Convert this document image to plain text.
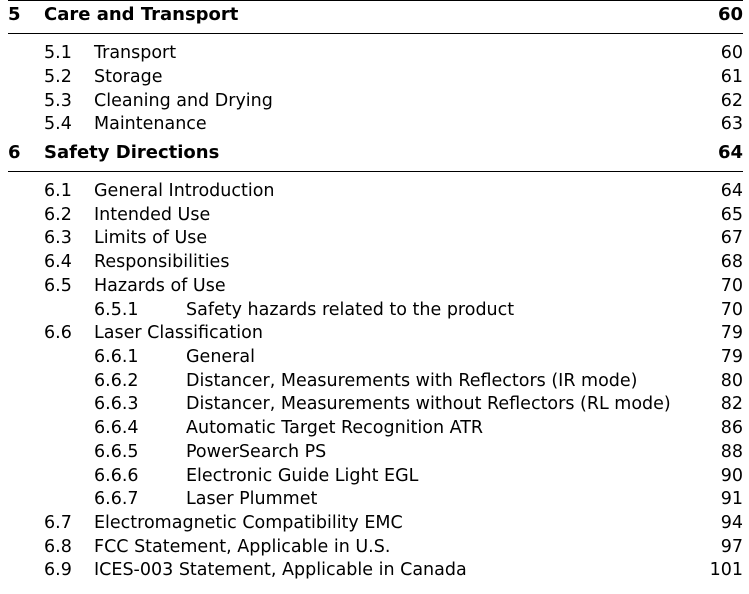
5 Care and Transport	60
5.1 Transport	60
5.2 Storage	61
5.3 Cleaning and Drying	62
5.4 Maintenance	63
6 Safety Directions	64
6.1 General Introduction	64
6.2 Intended Use	65
6.3 Limits of Use	67
6.4 Responsibilities	68
6.5 Hazards of Use	70
6.5.1	Safety hazards related to the product	70
6.6 Laser Classification	79
6.6.1	General	79
6.6.2	Distancer, Measurements with Reflectors (IR mode)	80
6.6.3	Distancer, Measurements without Reflectors (RL mode)	82
6.6.4	Automatic Target Recognition ATR	86
6.6.5	PowerSearch PS	88
6.6.6	Electronic Guide Light EGL	90
6.6.7	Laser Plummet	91
6.7 Electromagnetic Compatibility EMC	94
6.8 FCC Statement, Applicable in U.S.	97
6.9 ICES-003 Statement, Applicable in Canada	101
